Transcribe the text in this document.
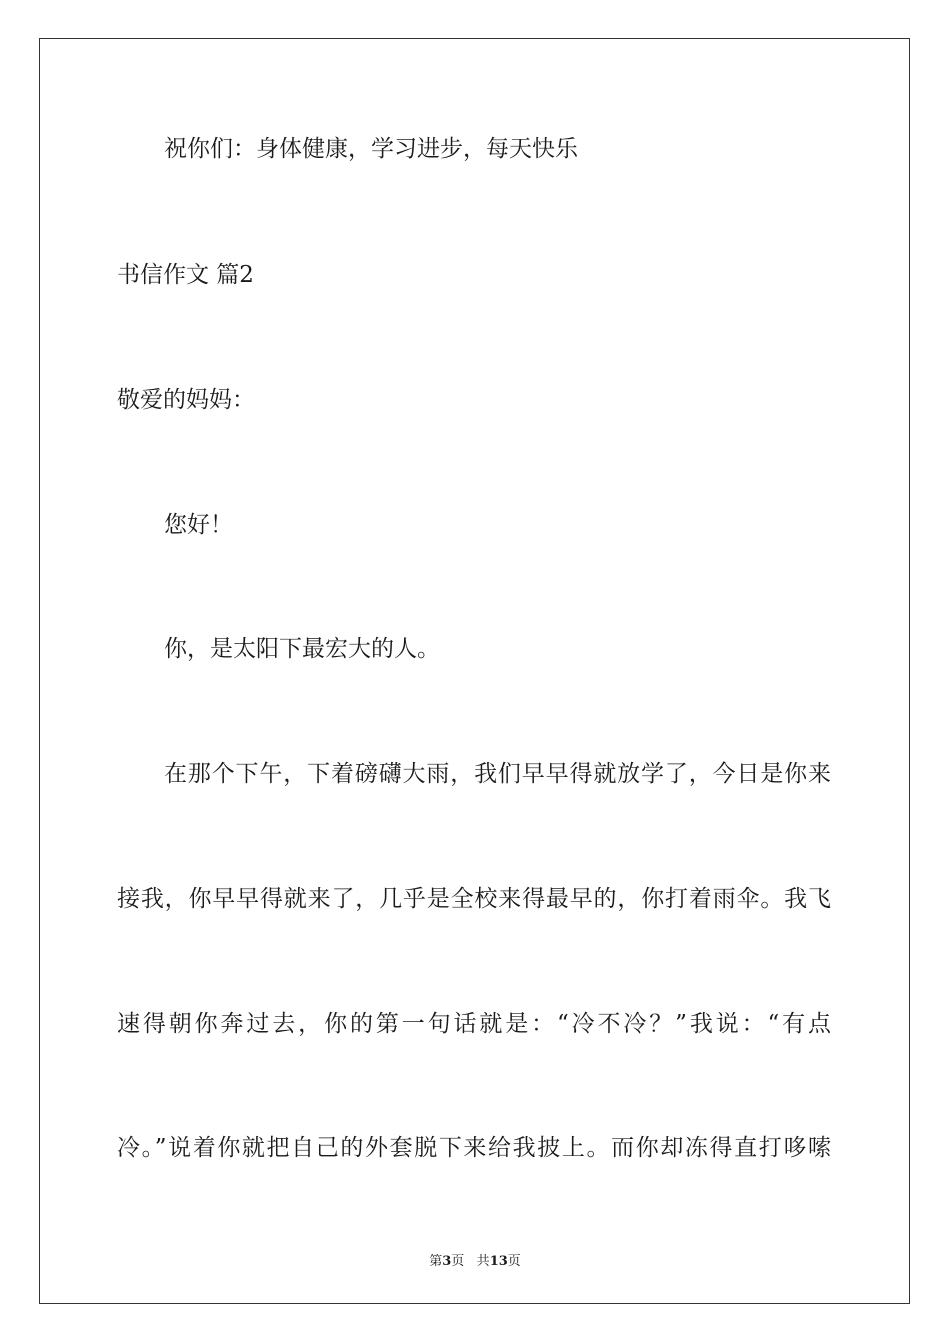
祝你们：身体健康，学习进步，每天快乐
书信作文 篇2
敬爱的妈妈：
您好！
你，是太阳下最宏大的人。
在那个下午，下着磅礴大雨，我们早早得就放学了，今日是你来
接我，你早早得就来了，几乎是全校来得最早的，你打着雨伞。我飞
速得朝你奔过去，你的第一句话就是：“冷不冷？”我说：“有点
冷。”说着你就把自己的外套脱下来给我披上。而你却冻得直打哆嗦
第3页 共13页
